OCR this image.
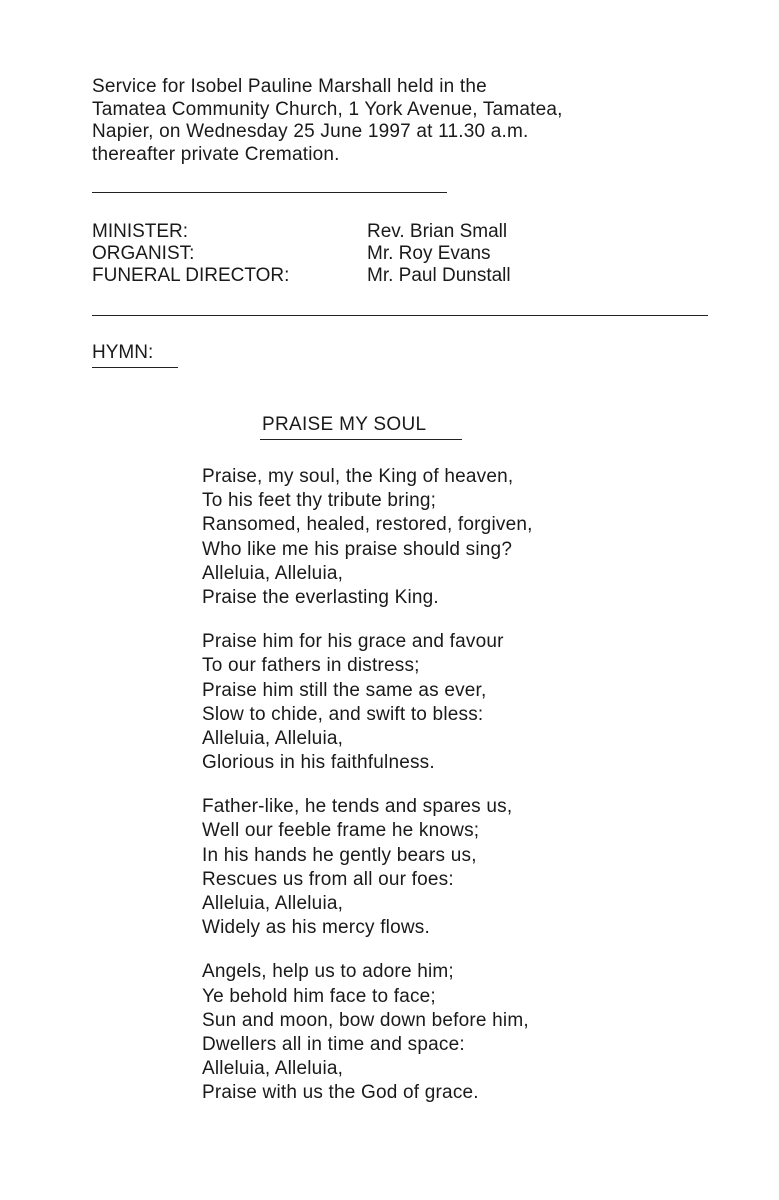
Service for Isobel Pauline Marshall held in the
Tamatea Community Church, 1 York Avenue, Tamatea,
Napier, on Wednesday 25 June 1997 at 11.30 a.m.
thereafter private Cremation.
MINISTER:	Rev. Brian Small
ORGANIST:	Mr. Roy Evans
FUNERAL DIRECTOR:	Mr. Paul Dunstall
HYMN:
PRAISE MY SOUL
Praise, my soul, the King of heaven,
To his feet thy tribute bring;
Ransomed, healed, restored, forgiven,
Who like me his praise should sing?
Alleluia, Alleluia,
Praise the everlasting King.
Praise him for his grace and favour
To our fathers in distress;
Praise him still the same as ever,
Slow to chide, and swift to bless:
Alleluia, Alleluia,
Glorious in his faithfulness.
Father-like, he tends and spares us,
Well our feeble frame he knows;
In his hands he gently bears us,
Rescues us from all our foes:
Alleluia, Alleluia,
Widely as his mercy flows.
Angels, help us to adore him;
Ye behold him face to face;
Sun and moon, bow down before him,
Dwellers all in time and space:
Alleluia, Alleluia,
Praise with us the God of grace.
